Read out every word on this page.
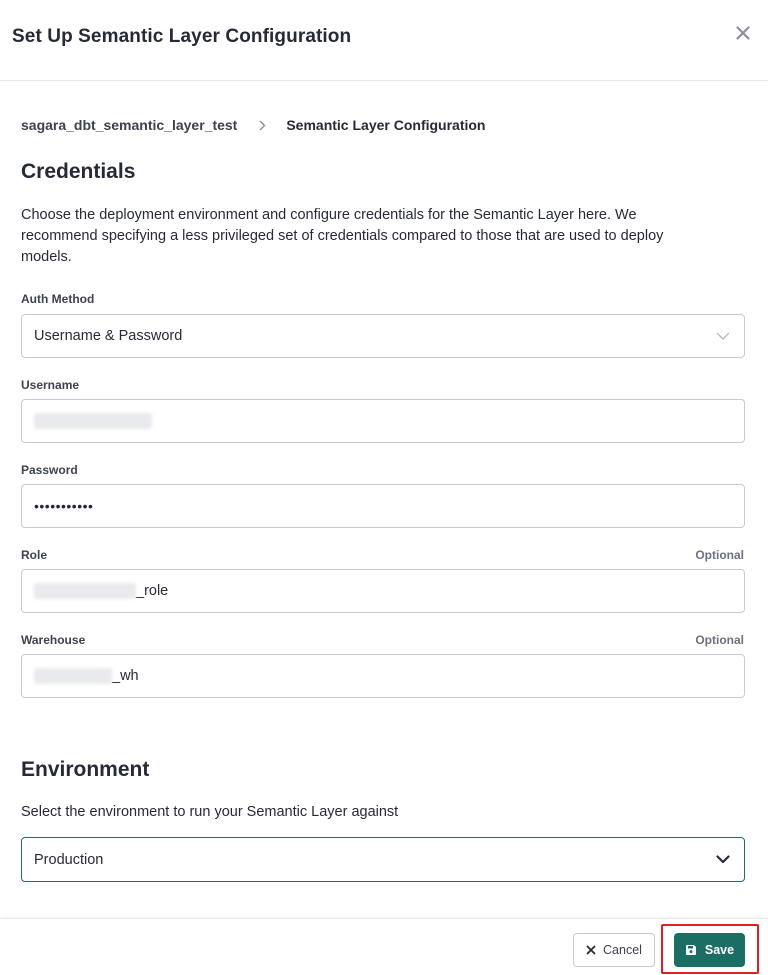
Set Up Semantic Layer Configuration
sagara_dbt_semantic_layer_test	Semantic Layer Configuration
Credentials
Choose the deployment environment and configure credentials for the Semantic Layer here. We
recommend specifying a less privileged set of credentials compared to those that are used to deploy
models.
Auth Method
Username & Password
Username
Password
•••••••••••
Role	Optional
_role
Warehouse	Optional
_wh
Environment
Select the environment to run your Semantic Layer against
Production
Cancel	Save
